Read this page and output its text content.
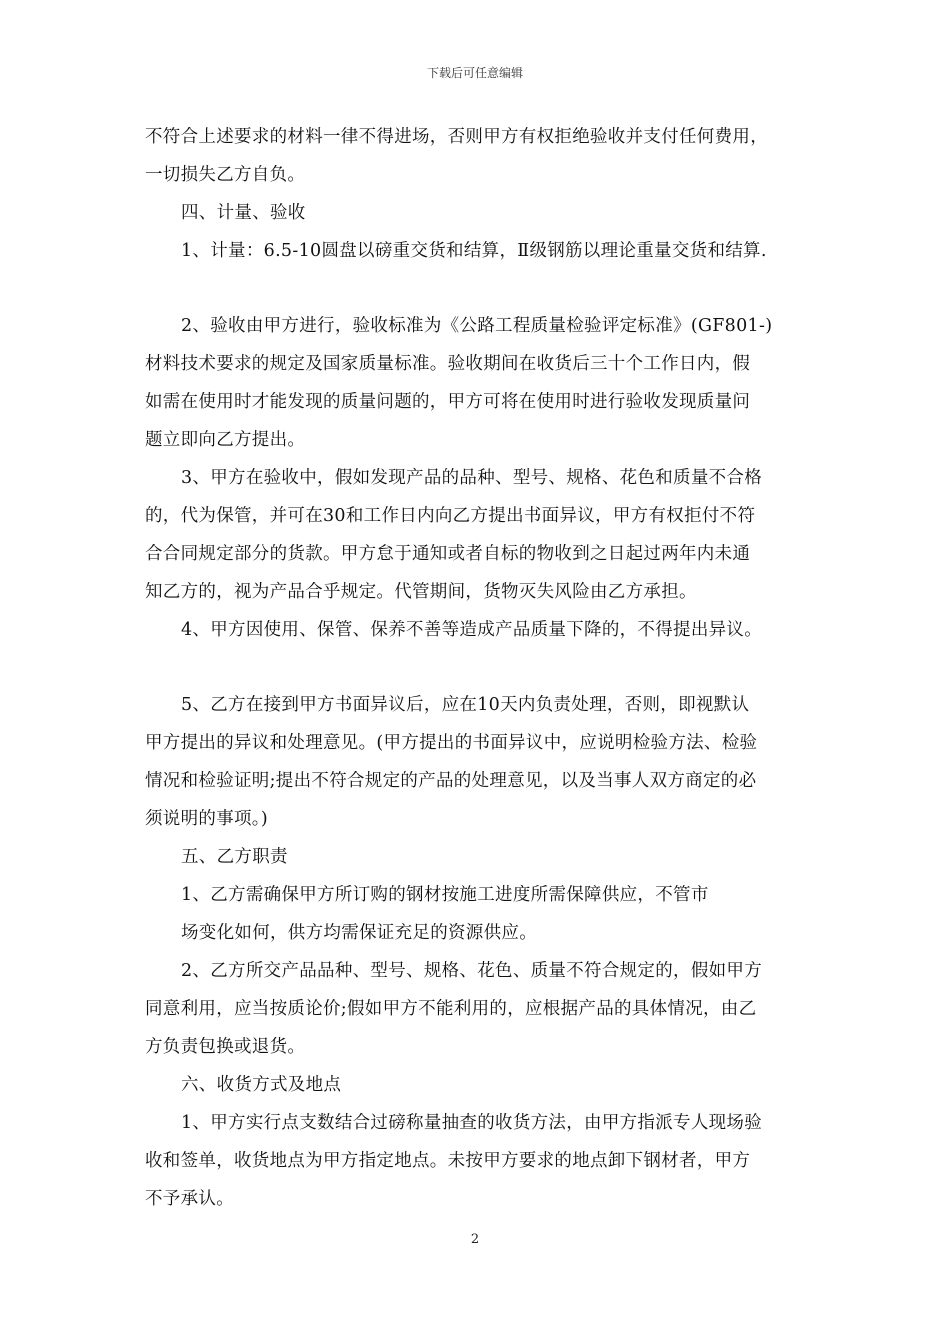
下载后可任意编辑
不符合上述要求的材料一律不得进场，否则甲方有权拒绝验收并支付任何费用，
一切损失乙方自负。
四、计量、验收
1、计量：6.5-10圆盘以磅重交货和结算，Ⅱ级钢筋以理论重量交货和结算.
2、验收由甲方进行，验收标准为《公路工程质量检验评定标准》(GF801-)
材料技术要求的规定及国家质量标准。验收期间在收货后三十个工作日内，假
如需在使用时才能发现的质量问题的，甲方可将在使用时进行验收发现质量问
题立即向乙方提出。
3、甲方在验收中，假如发现产品的品种、型号、规格、花色和质量不合格
的，代为保管，并可在30和工作日内向乙方提出书面异议，甲方有权拒付不符
合合同规定部分的货款。甲方怠于通知或者自标的物收到之日起过两年内未通
知乙方的，视为产品合乎规定。代管期间，货物灭失风险由乙方承担。
4、甲方因使用、保管、保养不善等造成产品质量下降的，不得提出异议。
5、乙方在接到甲方书面异议后，应在10天内负责处理，否则，即视默认
甲方提出的异议和处理意见。(甲方提出的书面异议中，应说明检验方法、检验
情况和检验证明;提出不符合规定的产品的处理意见，以及当事人双方商定的必
须说明的事项。)
五、乙方职责
1、乙方需确保甲方所订购的钢材按施工进度所需保障供应，不管市
场变化如何，供方均需保证充足的资源供应。
2、乙方所交产品品种、型号、规格、花色、质量不符合规定的，假如甲方
同意利用，应当按质论价;假如甲方不能利用的，应根据产品的具体情况，由乙
方负责包换或退货。
六、收货方式及地点
1、甲方实行点支数结合过磅称量抽查的收货方法，由甲方指派专人现场验
收和签单，收货地点为甲方指定地点。未按甲方要求的地点卸下钢材者，甲方
不予承认。
2
